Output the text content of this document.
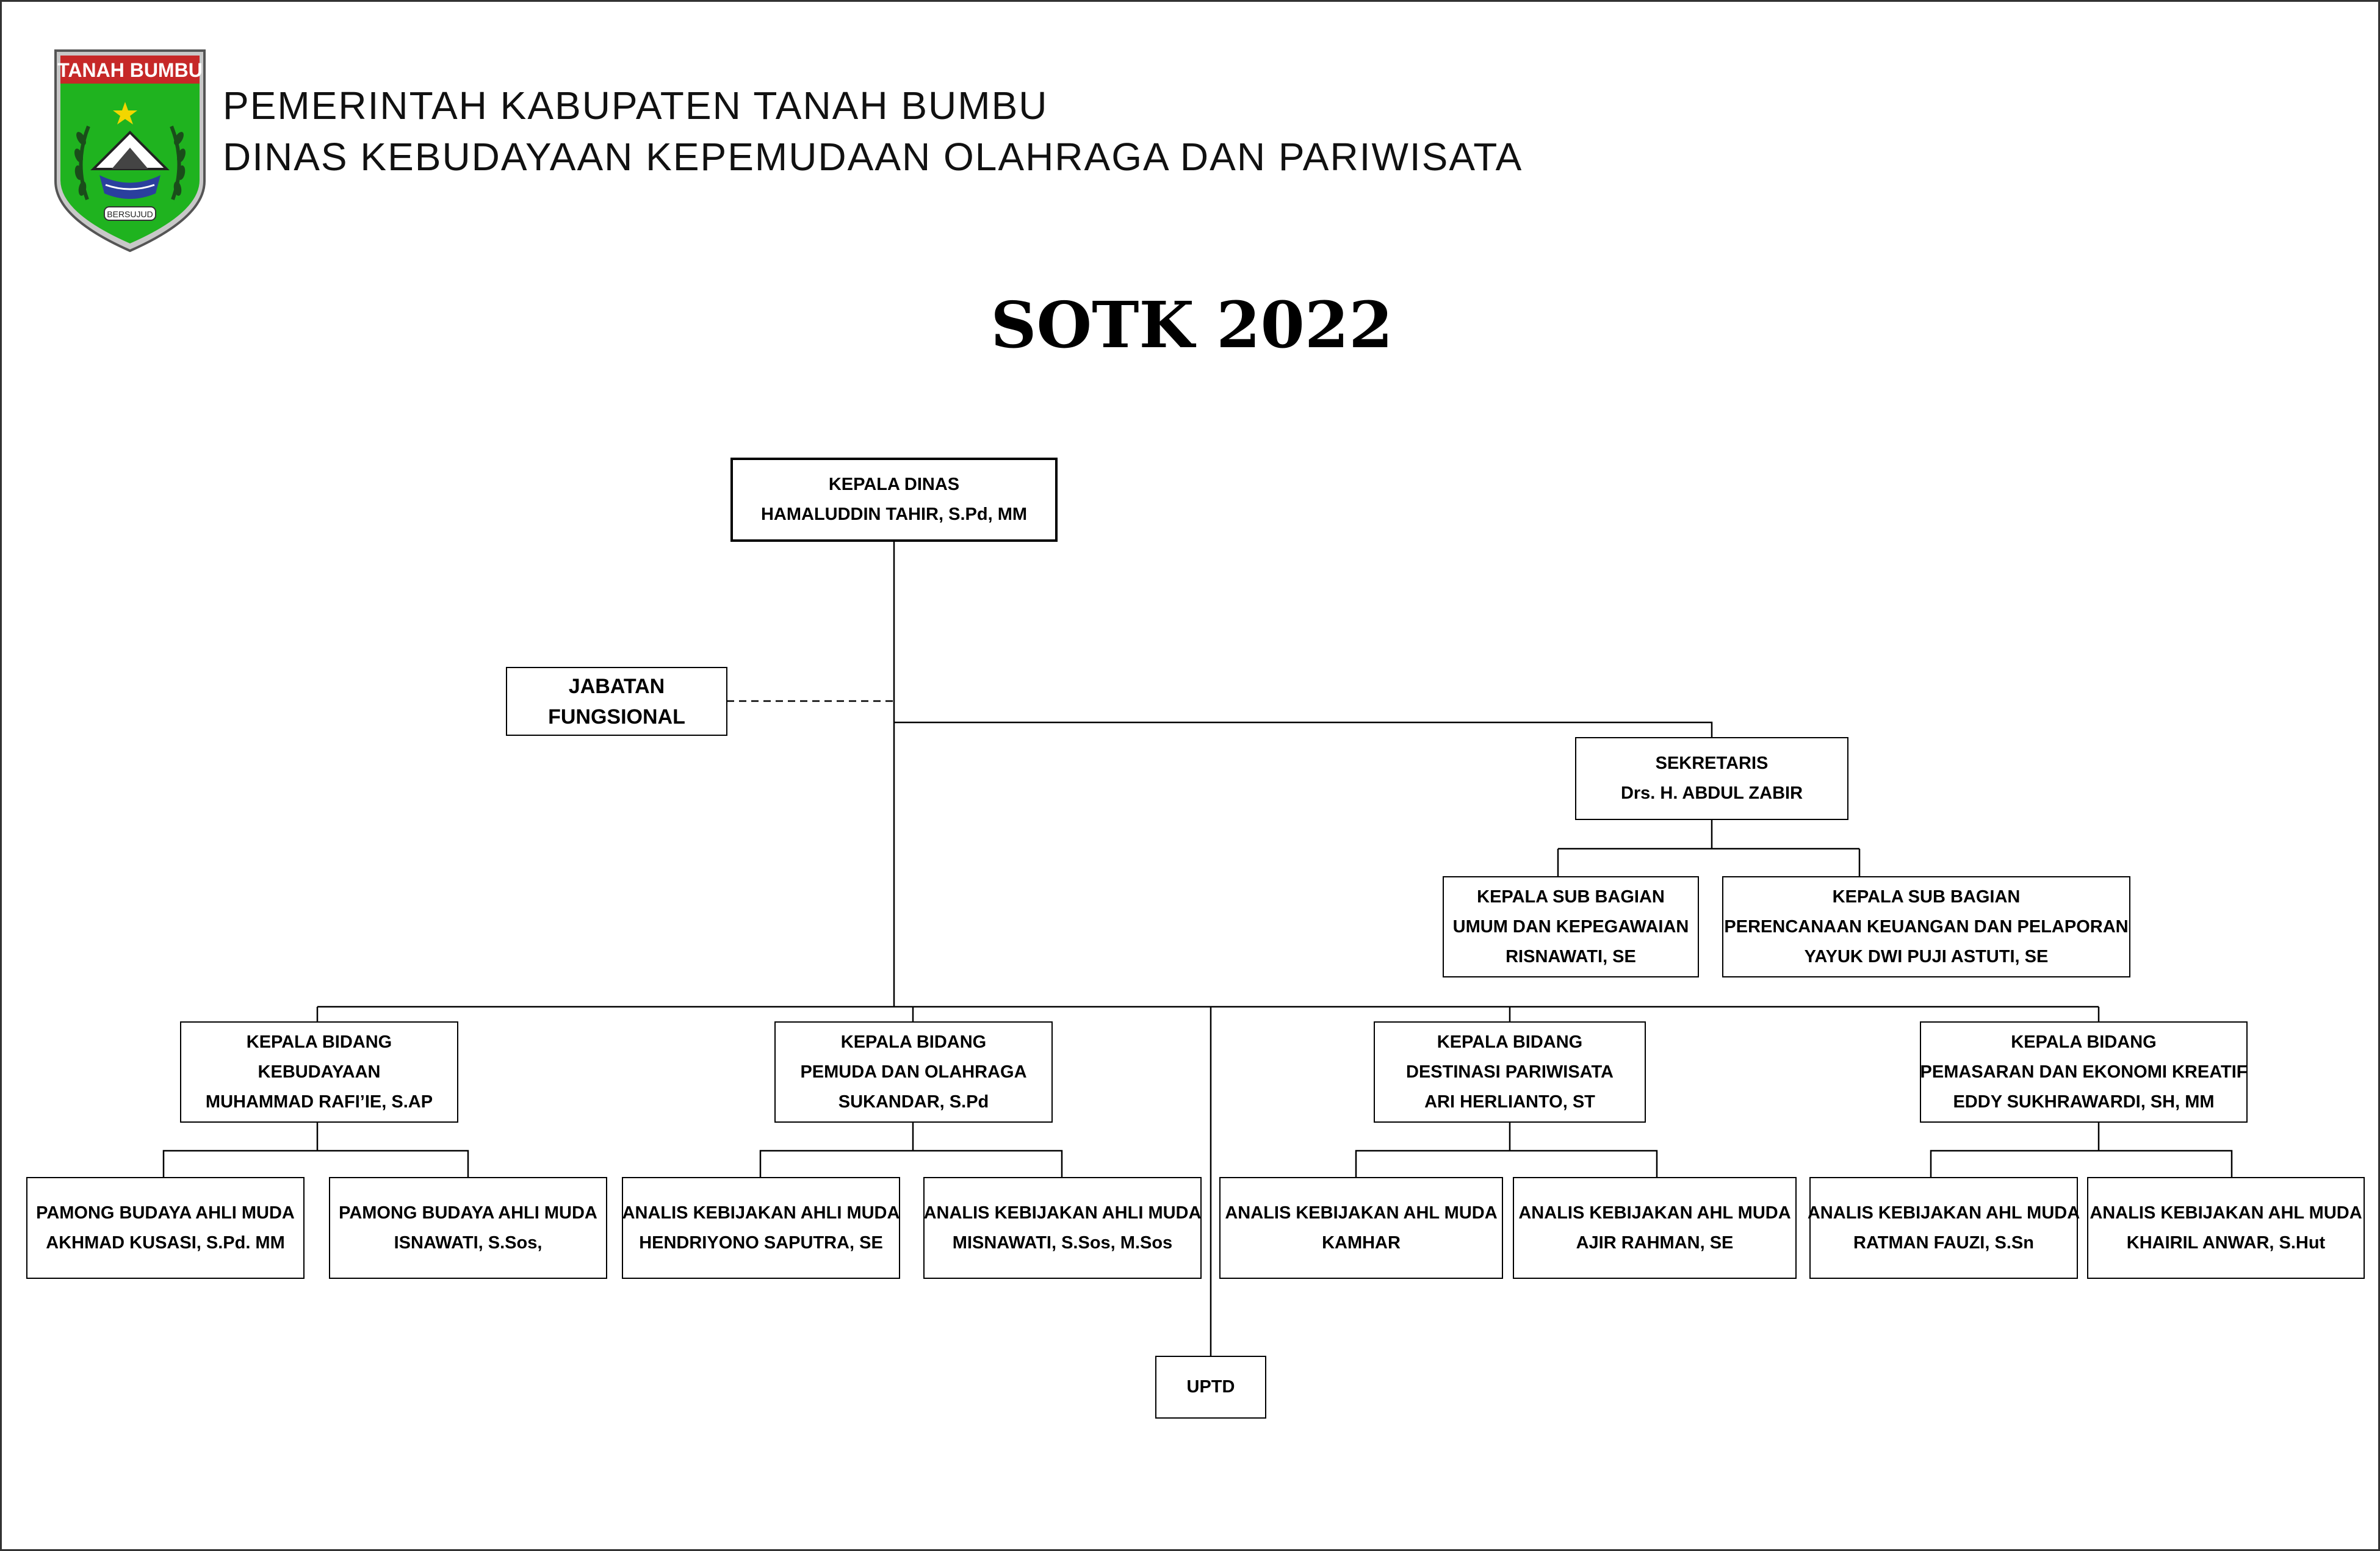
TANAH BUMBU
BERSUJUD
PEMERINTAH KABUPATEN TANAH BUMBU
DINAS KEBUDAYAAN KEPEMUDAAN OLAHRAGA DAN PARIWISATA
SOTK 2022
KEPALA DINAS
HAMALUDDIN TAHIR, S.Pd, MM
JABATAN
FUNGSIONAL
SEKRETARIS
Drs. H. ABDUL ZABIR
KEPALA SUB BAGIAN
UMUM DAN KEPEGAWAIAN
RISNAWATI, SE
KEPALA SUB BAGIAN
PERENCANAAN KEUANGAN DAN PELAPORAN
YAYUK DWI PUJI ASTUTI, SE
KEPALA BIDANG
KEBUDAYAAN
MUHAMMAD RAFI’IE, S.AP
KEPALA BIDANG
PEMUDA DAN OLAHRAGA
SUKANDAR, S.Pd
KEPALA BIDANG
DESTINASI PARIWISATA
ARI HERLIANTO, ST
KEPALA BIDANG
PEMASARAN DAN EKONOMI KREATIF
EDDY SUKHRAWARDI, SH, MM
PAMONG BUDAYA AHLI MUDA
AKHMAD KUSASI, S.Pd. MM
PAMONG BUDAYA AHLI MUDA
ISNAWATI, S.Sos,
ANALIS KEBIJAKAN AHLI MUDA
HENDRIYONO SAPUTRA, SE
ANALIS KEBIJAKAN AHLI MUDA
MISNAWATI, S.Sos, M.Sos
ANALIS KEBIJAKAN AHL MUDA
KAMHAR
ANALIS KEBIJAKAN AHL MUDA
AJIR RAHMAN, SE
ANALIS KEBIJAKAN AHL MUDA
RATMAN FAUZI, S.Sn
ANALIS KEBIJAKAN AHL MUDA
KHAIRIL ANWAR, S.Hut
UPTD
